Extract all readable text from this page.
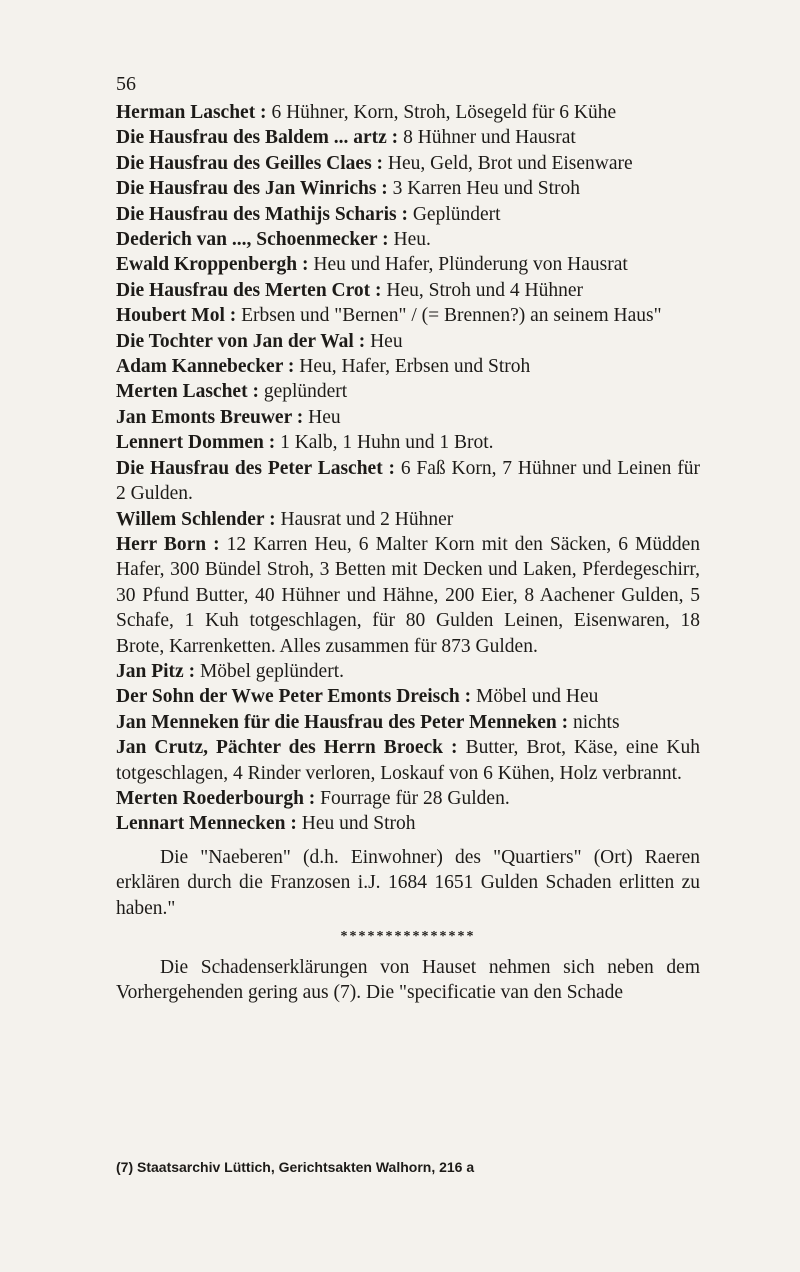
56

Herman Laschet : 6 Hühner, Korn, Stroh, Lösegeld für 6 Kühe

Die Hausfrau des Baldem ... artz : 8 Hühner und Hausrat

Die Hausfrau des Geilles Claes : Heu, Geld, Brot und Eisenware

Die Hausfrau des Jan Winrichs : 3 Karren Heu und Stroh

Die Hausfrau des Mathijs Scharis : Geplündert

Dederich van ..., Schoenmecker : Heu.

Ewald Kroppenbergh : Heu und Hafer, Plünderung von Hausrat

Die Hausfrau des Merten Crot : Heu, Stroh und 4 Hühner

Houbert Mol : Erbsen und "Bernen" / (= Brennen?) an seinem Haus"

Die Tochter von Jan der Wal : Heu

Adam Kannebecker : Heu, Hafer, Erbsen und Stroh

Merten Laschet : geplündert

Jan Emonts Breuwer : Heu

Lennert Dommen : 1 Kalb, 1 Huhn und 1 Brot.

Die Hausfrau des Peter Laschet : 6 Faß Korn, 7 Hühner und Leinen für 2 Gulden.

Willem Schlender : Hausrat und 2 Hühner

Herr Born : 12 Karren Heu, 6 Malter Korn mit den Säcken, 6 Müdden Hafer, 300 Bündel Stroh, 3 Betten mit Decken und Laken, Pferdegeschirr, 30 Pfund Butter, 40 Hühner und Hähne, 200 Eier, 8 Aachener Gulden, 5 Schafe, 1 Kuh totgeschlagen, für 80 Gulden Leinen, Eisenwaren, 18 Brote, Karrenketten. Alles zusammen für 873 Gulden.

Jan Pitz : Möbel geplündert.

Der Sohn der Wwe Peter Emonts Dreisch : Möbel und Heu

Jan Menneken für die Hausfrau des Peter Menneken : nichts

Jan Crutz, Pächter des Herrn Broeck : Butter, Brot, Käse, eine Kuh totgeschlagen, 4 Rinder verloren, Loskauf von 6 Kühen, Holz verbrannt.

Merten Roederbourgh : Fourrage für 28 Gulden.

Lennart Mennecken : Heu und Stroh

Die "Naeberen" (d.h. Einwohner) des "Quartiers" (Ort) Raeren erklären durch die Franzosen i.J. 1684 1651 Gulden Schaden erlitten zu haben."

***************

Die Schadenserklärungen von Hauset nehmen sich neben dem Vorhergehenden gering aus (7). Die "specificatie van den Schade

(7) Staatsarchiv Lüttich, Gerichtsakten Walhorn, 216 a
